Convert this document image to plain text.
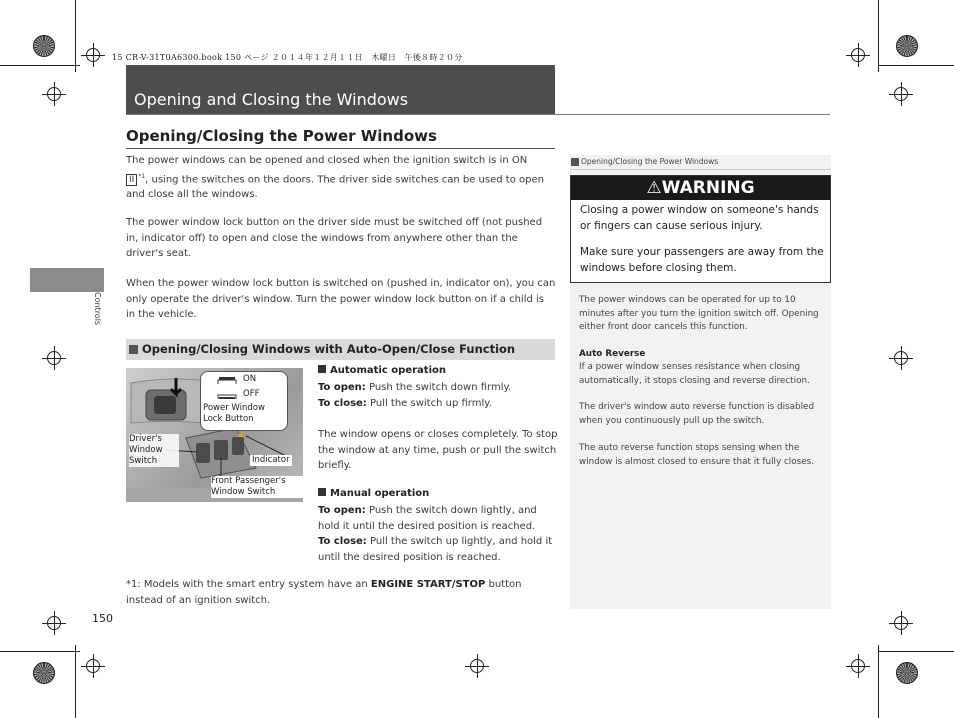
15 CR-V-31T0A6300.book 150 ページ ２０１４年１２月１１日　木曜日　午後８時２０分
Opening and Closing the Windows
Controls
Opening/Closing the Power Windows
The power windows can be opened and closed when the ignition switch is in ON
II $^{*1}$, using the switches on the doors. The driver side switches can be used to open and close all the windows.
The power window lock button on the driver side must be switched off (not pushed in, indicator off) to open and close the windows from anywhere other than the driver's seat.
When the power window lock button is switched on (pushed in, indicator on), you can only operate the driver's window. Turn the power window lock button on if a child is in the vehicle.
Opening/Closing Windows with Auto-Open/Close Function
ON
OFF
Power Window Lock Button
Driver's Window Switch	Indicator
Front Passenger's Window Switch
Automatic operation
To open: Push the switch down firmly.
To close: Pull the switch up firmly.
The window opens or closes completely. To stop the window at any time, push or pull the switch briefly.
Manual operation
To open: Push the switch down lightly, and hold it until the desired position is reached.
To close: Pull the switch up lightly, and hold it until the desired position is reached.
*1: Models with the smart entry system have an ENGINE START/STOP button instead of an ignition switch.
150
Opening/Closing the Power Windows
⚠WARNING
Closing a power window on someone's hands or fingers can cause serious injury.
Make sure your passengers are away from the windows before closing them.
The power windows can be operated for up to 10 minutes after you turn the ignition switch off. Opening either front door cancels this function.
Auto Reverse
If a power window senses resistance when closing automatically, it stops closing and reverse direction.
The driver's window auto reverse function is disabled when you continuously pull up the switch.
The auto reverse function stops sensing when the window is almost closed to ensure that it fully closes.
